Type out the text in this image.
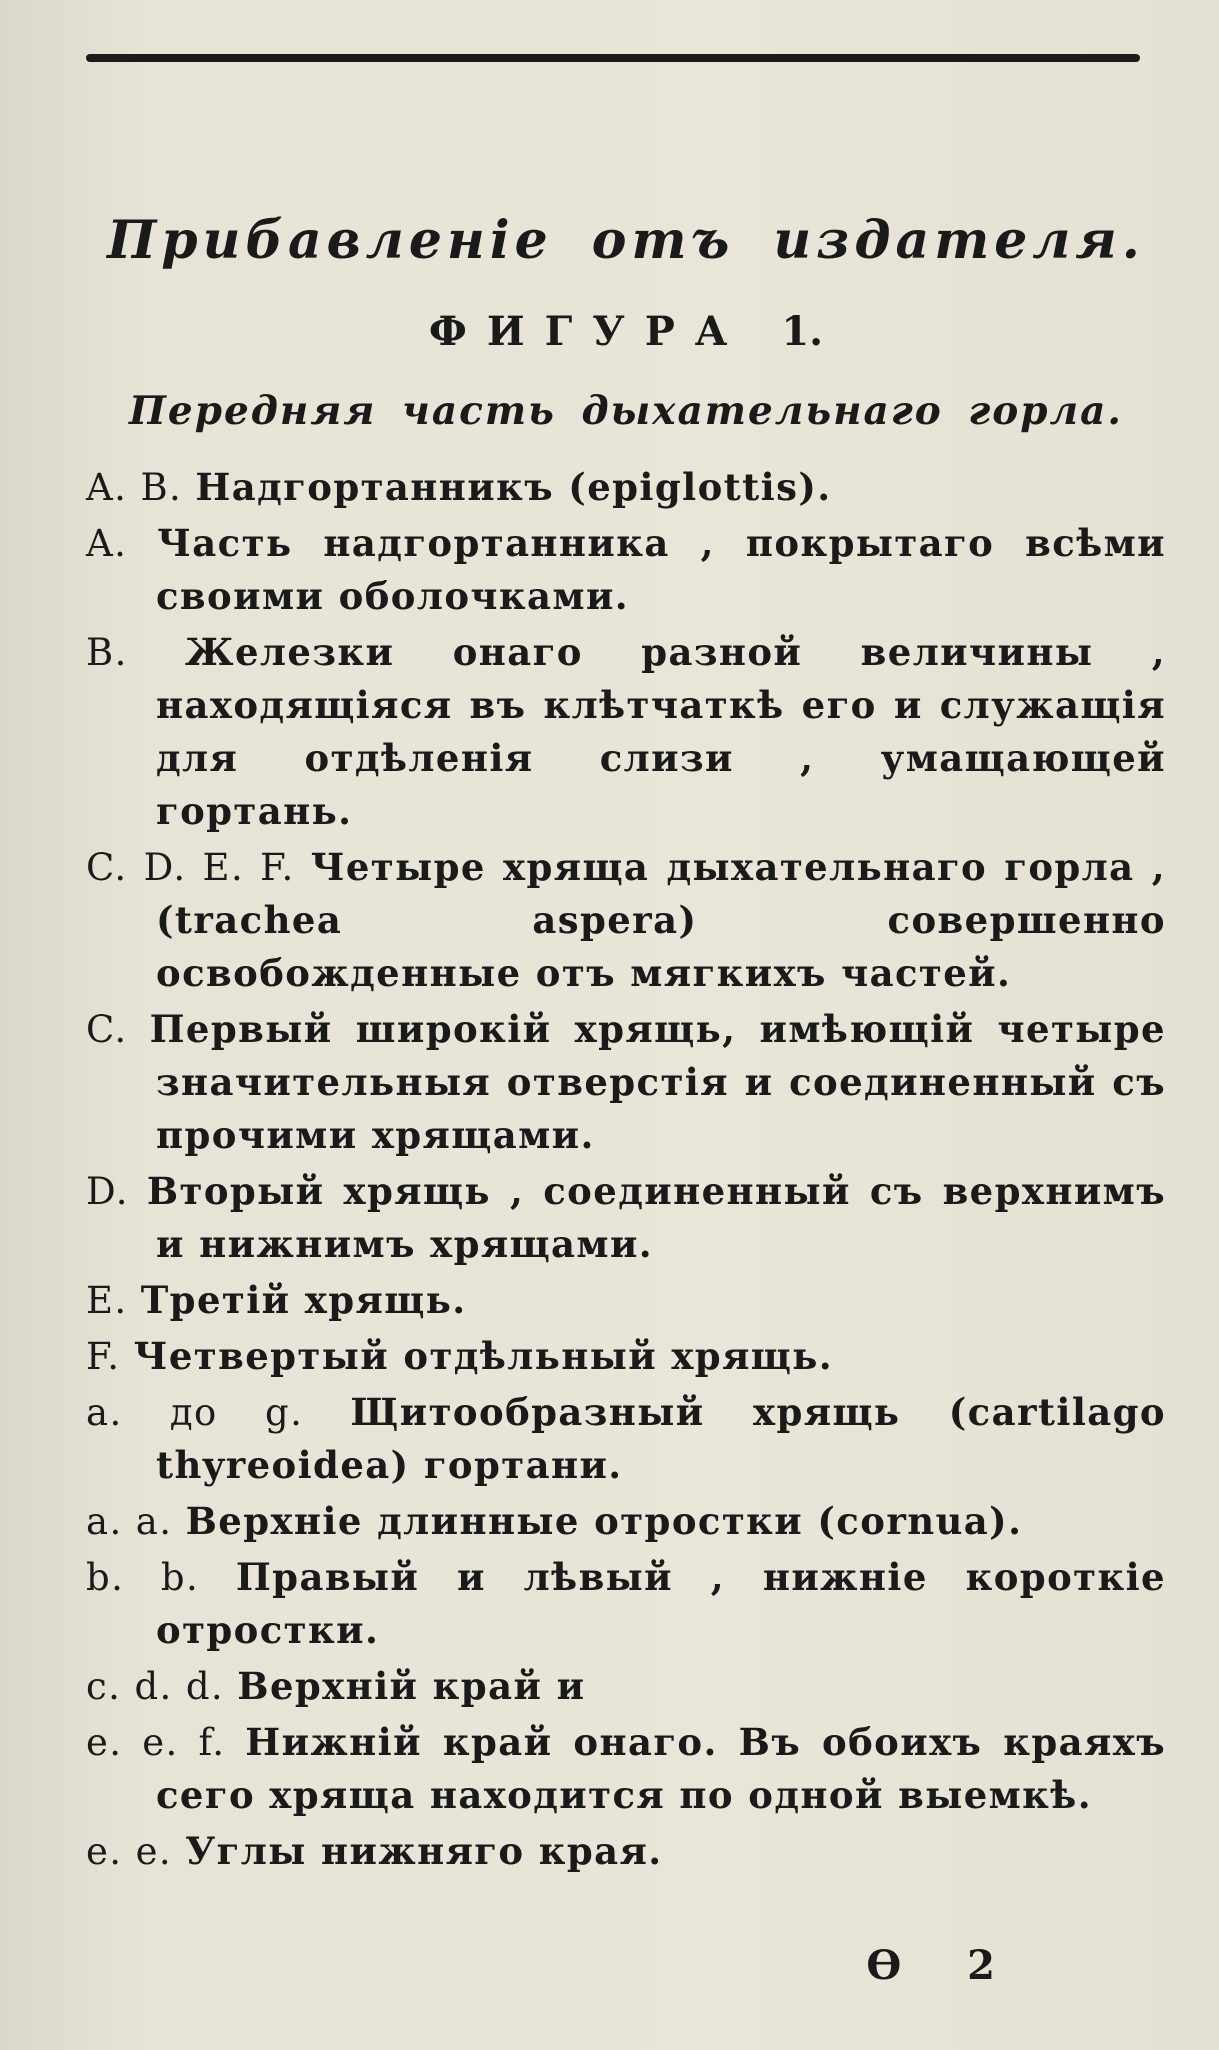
Прибавленіе отъ издателя.
ФИГУРА 1.
Передняя часть дыхательнаго горла.
A. B. Надгортанникъ (epiglottis).
A. Часть надгортанника , покрытаго всѣми своими оболочками.
B. Железки онаго разной величины , находящіяся въ клѣтчаткѣ его и служащія для отдѣленія слизи , умащающей гортань.
C. D. E. F. Четыре хряща дыхательнаго горла , (trachea aspera) совершенно освобожденные отъ мягкихъ частей.
C. Первый широкій хрящь, имѣющій четыре значительныя отверстія и соединенный съ прочими хрящами.
D. Вторый хрящь , соединенный съ верхнимъ и нижнимъ хрящами.
E. Третій хрящь.
F. Четвертый отдѣльный хрящь.
a. до g. Щитообразный хрящь (cartilago thyreoidea) гортани.
a. a. Верхніе длинные отростки (cornua).
b. b. Правый и лѣвый , нижніе короткіе отростки.
c. d. d. Верхній край и
e. e. f. Нижній край онаго. Въ обоихъ краяхъ сего хряща находится по одной выемкѣ.
e. e. Углы нижняго края.
Ѳ 2
